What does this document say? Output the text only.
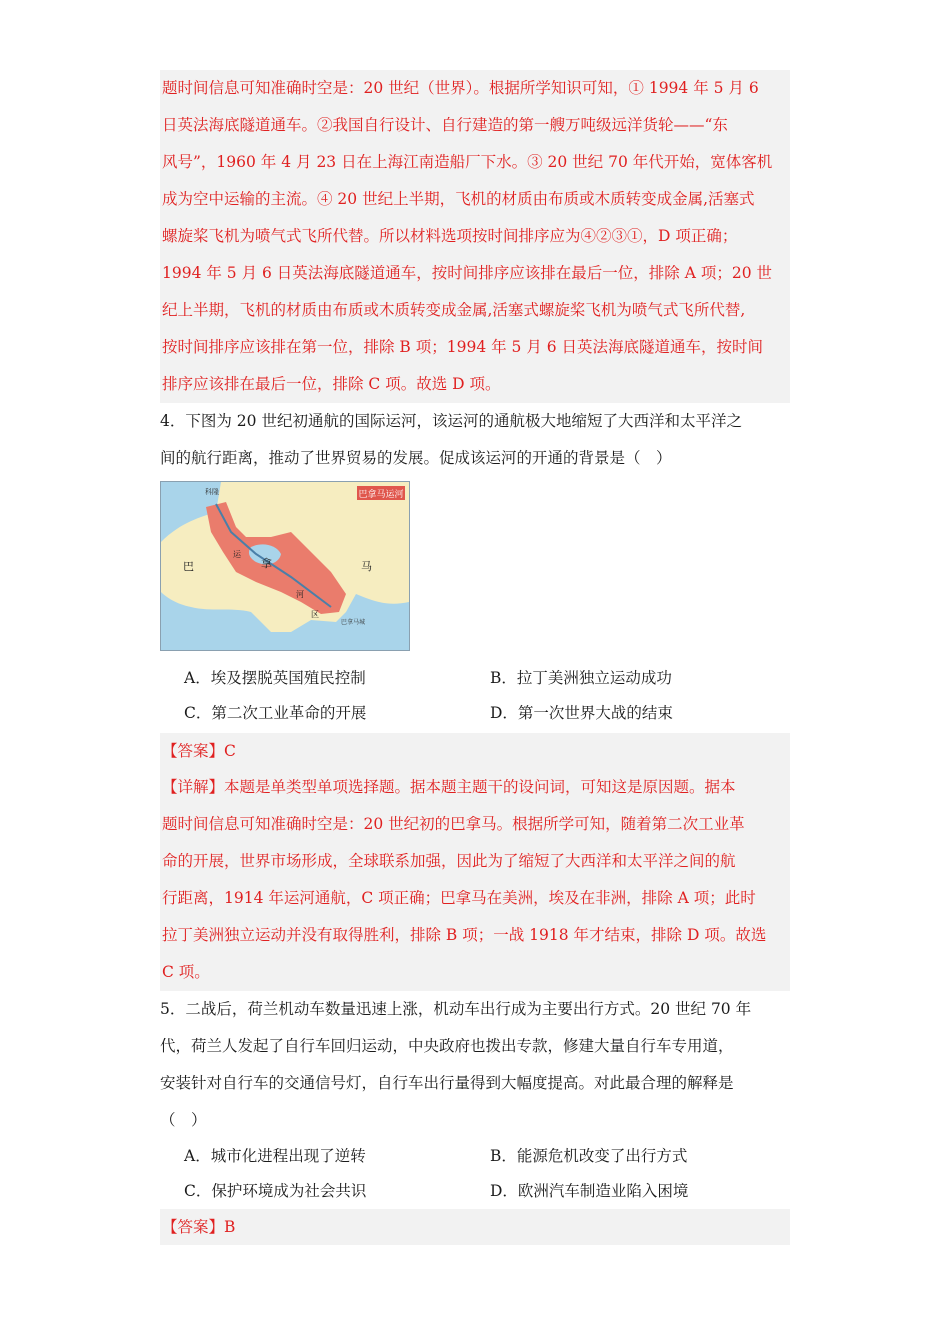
题时间信息可知准确时空是：20 世纪（世界）。根据所学知识可知，① 1994 年 5 月 6

日英法海底隧道通车。②我国自行设计、自行建造的第一艘万吨级远洋货轮——“东

风号”，1960 年 4 月 23 日在上海江南造船厂下水。③ 20 世纪 70 年代开始，宽体客机

成为空中运输的主流。④ 20 世纪上半期，飞机的材质由布质或木质转变成金属,活塞式

螺旋桨飞机为喷气式飞所代替。所以材料选项按时间排序应为④②③①，D 项正确；

1994 年 5 月 6 日英法海底隧道通车，按时间排序应该排在最后一位，排除 A 项；20 世

纪上半期，飞机的材质由布质或木质转变成金属,活塞式螺旋桨飞机为喷气式飞所代替,

按时间排序应该排在第一位，排除 B 项；1994 年 5 月 6 日英法海底隧道通车，按时间

排序应该排在最后一位，排除 C 项。故选 D 项。

4．下图为 20 世纪初通航的国际运河，该运河的通航极大地缩短了大西洋和太平洋之

间的航行距离，推动了世界贸易的发展。促成该运河的开通的背景是（　）

巴拿马运河
科隆
巴	拿	马
运
河
区
巴拿马城
A．埃及摆脱英国殖民控制	B．拉丁美洲独立运动成功
C．第二次工业革命的开展	D．第一次世界大战的结束

【答案】C

【详解】本题是单类型单项选择题。据本题主题干的设问词，可知这是原因题。据本

题时间信息可知准确时空是：20 世纪初的巴拿马。根据所学可知，随着第二次工业革

命的开展，世界市场形成，全球联系加强，因此为了缩短了大西洋和太平洋之间的航

行距离，1914 年运河通航，C 项正确；巴拿马在美洲，埃及在非洲，排除 A 项；此时

拉丁美洲独立运动并没有取得胜利，排除 B 项；一战 1918 年才结束，排除 D 项。故选

C 项。

5．二战后，荷兰机动车数量迅速上涨，机动车出行成为主要出行方式。20 世纪 70 年

代，荷兰人发起了自行车回归运动，中央政府也拨出专款，修建大量自行车专用道，

安装针对自行车的交通信号灯，自行车出行量得到大幅度提高。对此最合理的解释是

（　）

A．城市化进程出现了逆转	B．能源危机改变了出行方式
C．保护环境成为社会共识	D．欧洲汽车制造业陷入困境

【答案】B
